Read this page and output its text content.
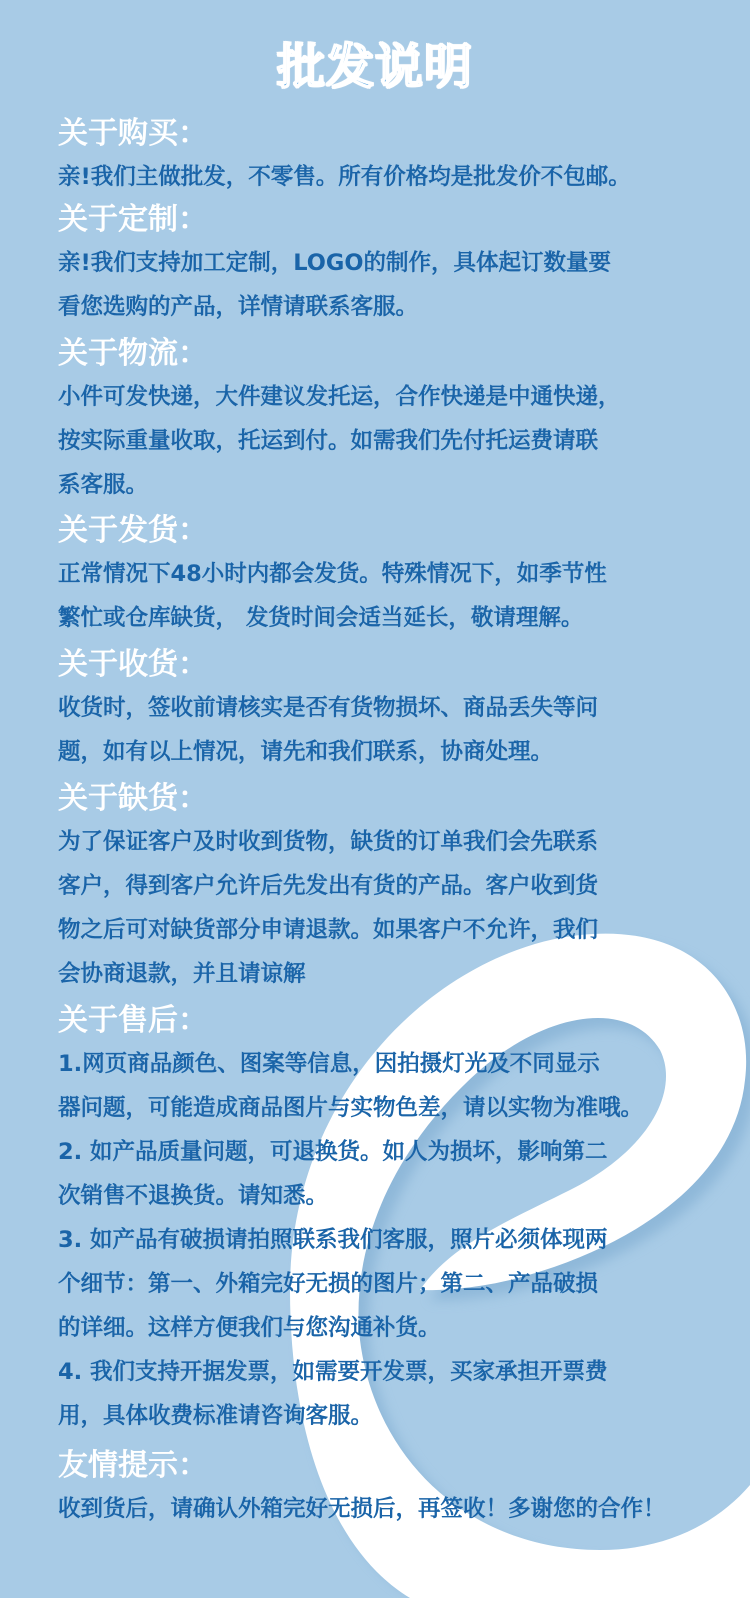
批发说明
关于购买：

亲!我们主做批发，不零售。所有价格均是批发价不包邮。

关于定制：

亲!我们支持加工定制，LOGO的制作，具体起订数量要

看您选购的产品，详情请联系客服。

关于物流：

小件可发快递，大件建议发托运，合作快递是中通快递，

按实际重量收取，托运到付。如需我们先付托运费请联

系客服。

关于发货：

正常情况下48小时内都会发货。特殊情况下，如季节性

繁忙或仓库缺货， 发货时间会适当延长，敬请理解。

关于收货：

收货时，签收前请核实是否有货物损坏、商品丢失等问

题，如有以上情况，请先和我们联系，协商处理。

关于缺货：

为了保证客户及时收到货物，缺货的订单我们会先联系

客户，得到客户允许后先发出有货的产品。客户收到货

物之后可对缺货部分申请退款。如果客户不允许，我们

会协商退款，并且请谅解

关于售后：

1.网页商品颜色、图案等信息，因拍摄灯光及不同显示

器问题，可能造成商品图片与实物色差，请以实物为准哦。

2. 如产品质量问题，可退换货。如人为损坏，影响第二

次销售不退换货。请知悉。

3. 如产品有破损请拍照联系我们客服，照片必须体现两

个细节：第一、外箱完好无损的图片；第二、产品破损

的详细。这样方便我们与您沟通补货。

4. 我们支持开据发票，如需要开发票，买家承担开票费

用，具体收费标准请咨询客服。

友情提示：

收到货后，请确认外箱完好无损后，再签收！多谢您的合作！
